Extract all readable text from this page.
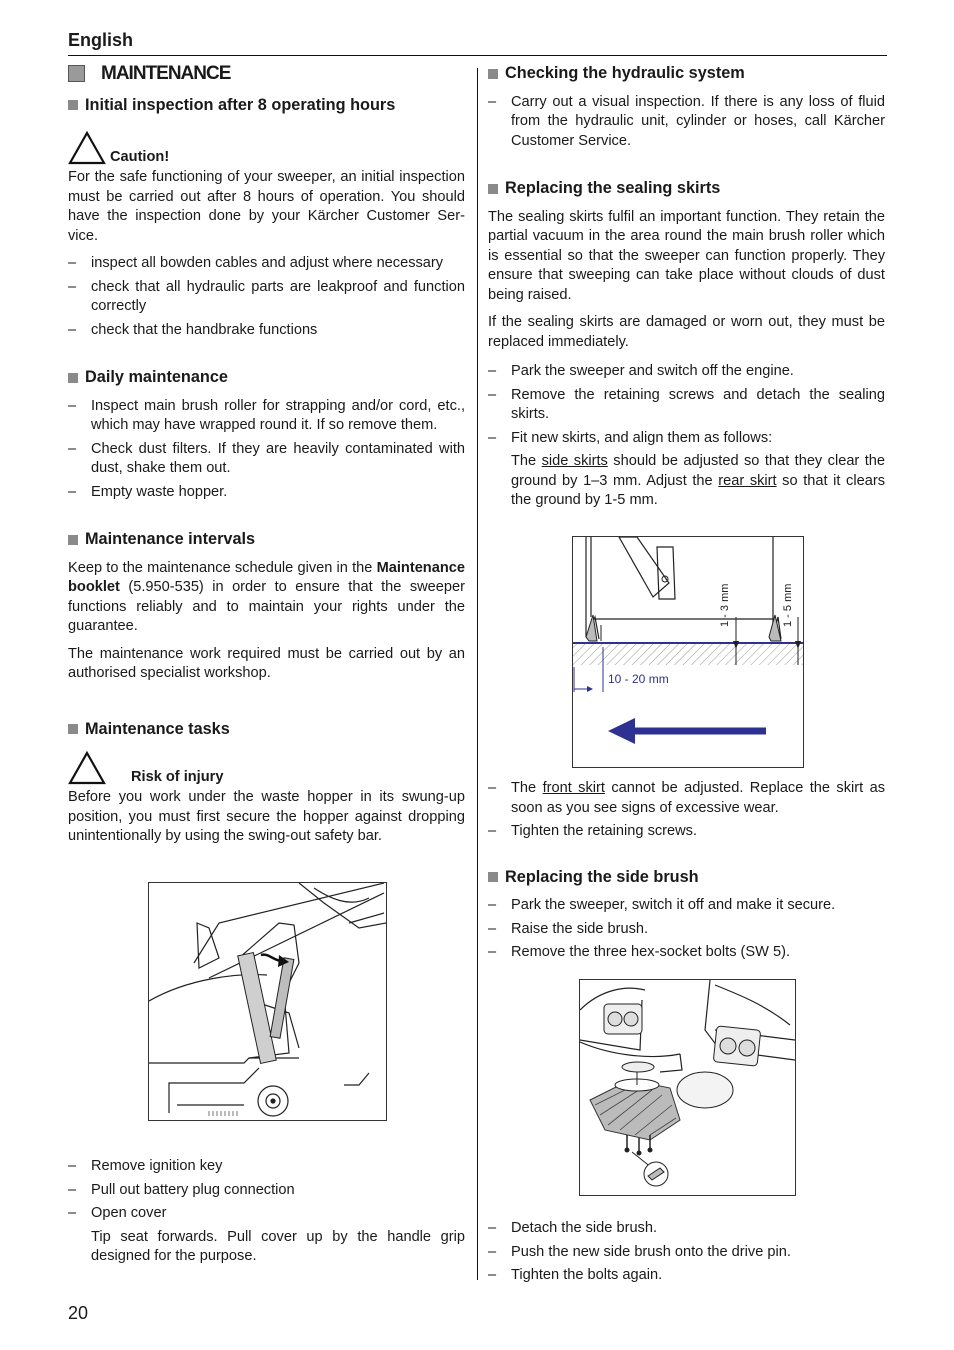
English
20
MAINTENANCE
Initial inspection after 8 operating hours
Caution!

For the safe functioning of your sweeper, an initial inspection must be carried out after 8 hours of operation. You should have the inspection done by your Kärcher Customer Ser-vice.

– inspect all bowden cables and adjust where necessary
– check that all hydraulic parts are leakproof and function correctly
– check that the handbrake functions
Daily maintenance
– Inspect main brush roller for strapping and/or cord, etc., which may have wrapped round it. If so remove them.
– Check dust filters. If they are heavily contaminated with dust, shake them out.
– Empty waste hopper.
Maintenance intervals

Keep to the maintenance schedule given in the Maintenance booklet (5.950-535) in order to ensure that the sweeper functions reliably and to maintain your rights under the guarantee.

The maintenance work required must be carried out by an authorised specialist workshop.

Maintenance tasks
Risk of injury

Before you work under the waste hopper in its swung-up position, you must first secure the hopper against dropping unintentionally by using the swing-out safety bar.

– Remove ignition key
– Pull out battery plug connection
– Open cover
Tip seat forwards. Pull cover up by the handle grip designed for the purpose.
Checking the hydraulic system
– Carry out a visual inspection. If there is any loss of fluid from the hydraulic unit, cylinder or hoses, call Kärcher Customer Service.
Replacing the sealing skirts

The sealing skirts fulfil an important function. They retain the partial vacuum in the area round the main brush roller which is essential so that the sweeper can function properly. They ensure that sweeping can take place without clouds of dust being raised.

If the sealing skirts are damaged or worn out, they must be replaced immediately.

– Park the sweeper and switch off the engine.
– Remove the retaining screws and detach the sealing skirts.
– Fit new skirts, and align them as follows:
The side skirts should be adjusted so that they clear the ground by 1–3 mm. Adjust the rear skirt so that it clears the ground by 1-5 mm.
1 - 3 mm	1 - 5 mm
10 - 20 mm
– The front skirt cannot be adjusted. Replace the skirt as soon as you see signs of excessive wear.
– Tighten the retaining screws.
Replacing the side brush
– Park the sweeper, switch it off and make it secure.
– Raise the side brush.
– Remove the three hex-socket bolts (SW 5).
– Detach the side brush.
– Push the new side brush onto the drive pin.
– Tighten the bolts again.
